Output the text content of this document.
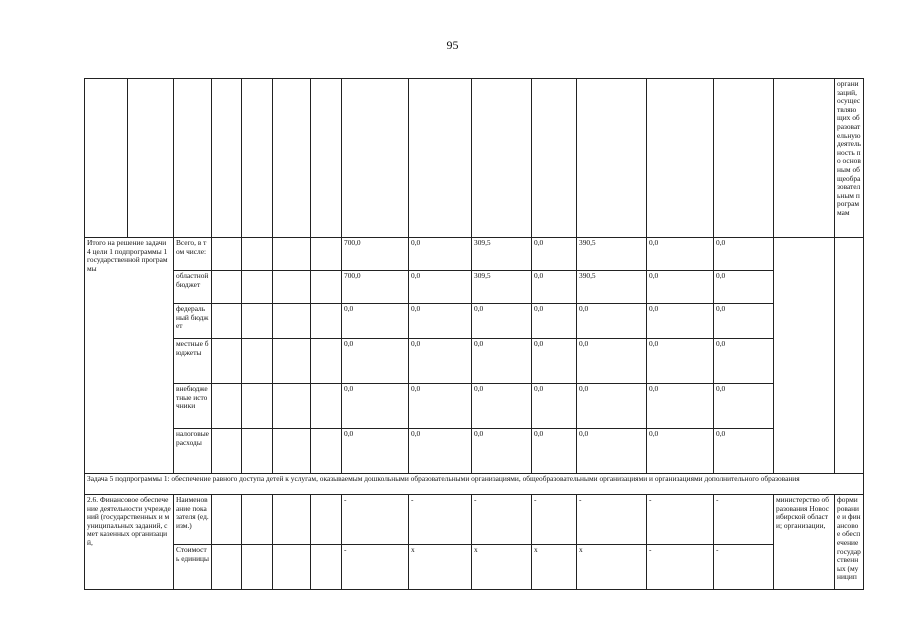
95
															организаций, осуществляющих образовательную деятельность по основным общеобразовательным программам
Итого на решение задачи 4 цели 1 подпрограммы 1 государственной программы		Всего, в том числе:					700,0	0,0	309,5	0,0	390,5	0,0	0,0		
		областной бюджет					700,0	0,0	309,5	0,0	390,5	0,0	0,0		
		федеральный бюджет					0,0	0,0	0,0	0,0	0,0	0,0	0,0		
		местные бюджеты					0,0	0,0	0,0	0,0	0,0	0,0	0,0		
		внебюджетные источники					0,0	0,0	0,0	0,0	0,0	0,0	0,0		
		налоговые расходы					0,0	0,0	0,0	0,0	0,0	0,0	0,0		
Задача 5 подпрограммы 1: обеспечение равного доступа детей к услугам, оказываемым дошкольными образовательными организациями, общеобразовательными организациями и организациями дополнительного образования															
2.6. Финансовое обеспечение деятельности учреждений (государственных и муниципальных заданий, смет казенных организаций,		Наименование показателя (ед. изм.)					-	-	-	-	-	-	-	министерство образования Новосибирской области; организации,	формирование и финансовое обеспечение государственных (муницип
		Стоимость единицы					-	x	x	x	x	-	-		
